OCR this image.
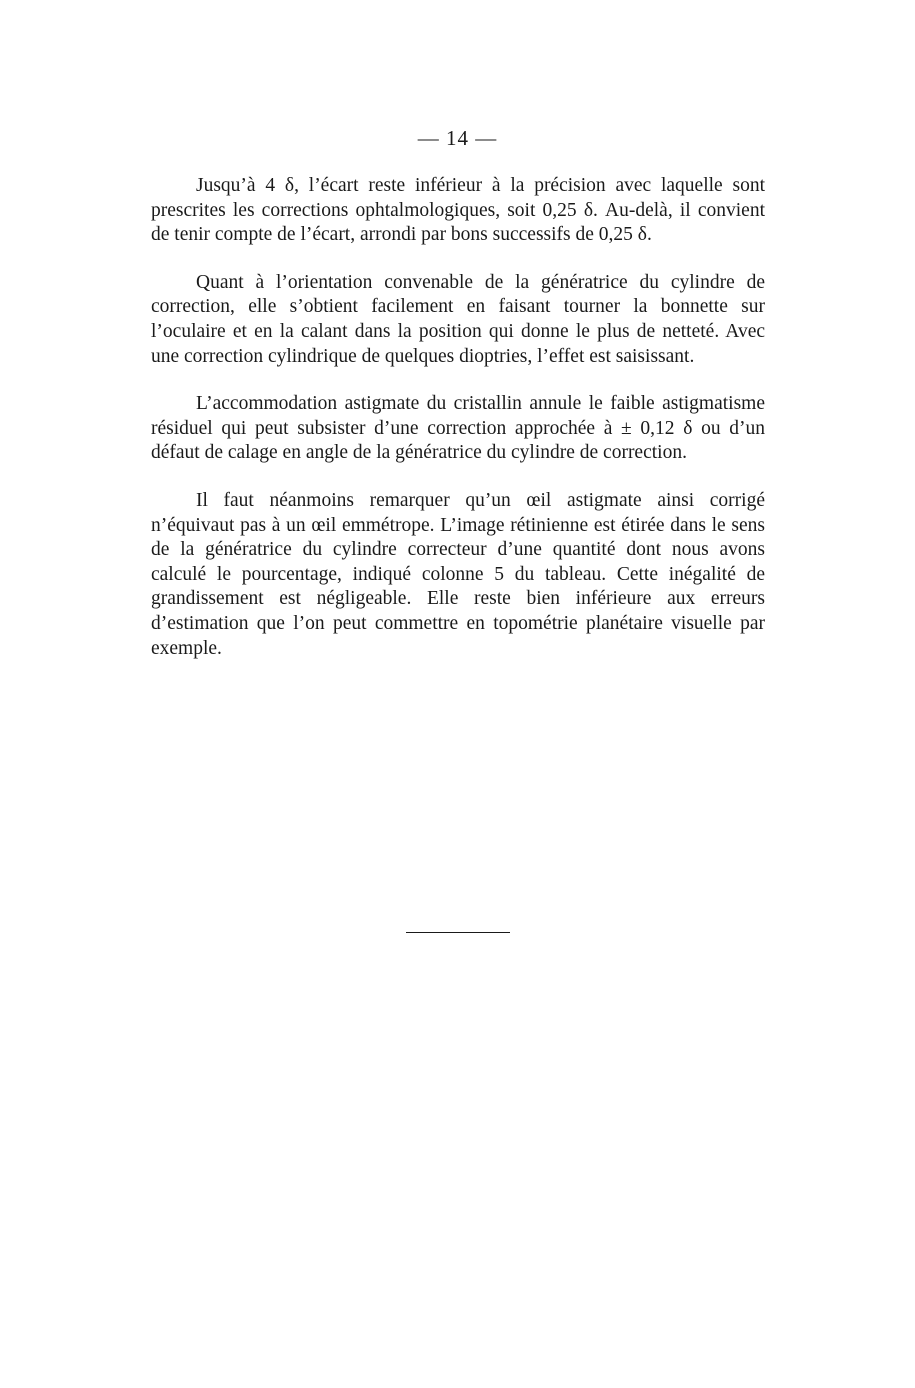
— 14 —

Jusqu’à 4 δ, l’écart reste inférieur à la précision avec laquelle sont prescrites les corrections ophtalmologiques, soit 0,25 δ. Au-delà, il convient de tenir compte de l’écart, arrondi par bons successifs de 0,25 δ.

Quant à l’orientation convenable de la génératrice du cylindre de correction, elle s’obtient facilement en faisant tourner la bonnette sur l’oculaire et en la calant dans la position qui donne le plus de netteté. Avec une correction cylindrique de quelques dioptries, l’effet est saisissant.

L’accommodation astigmate du cristallin annule le faible astigmatisme résiduel qui peut subsister d’une correction approchée à ± 0,12 δ ou d’un défaut de calage en angle de la génératrice du cylindre de correction.

Il faut néanmoins remarquer qu’un œil astigmate ainsi corrigé n’équivaut pas à un œil emmétrope. L’image rétinienne est étirée dans le sens de la génératrice du cylindre correcteur d’une quantité dont nous avons calculé le pourcentage, indiqué colonne 5 du tableau. Cette inégalité de grandissement est négligeable. Elle reste bien inférieure aux erreurs d’estimation que l’on peut commettre en topométrie planétaire visuelle par exemple.
